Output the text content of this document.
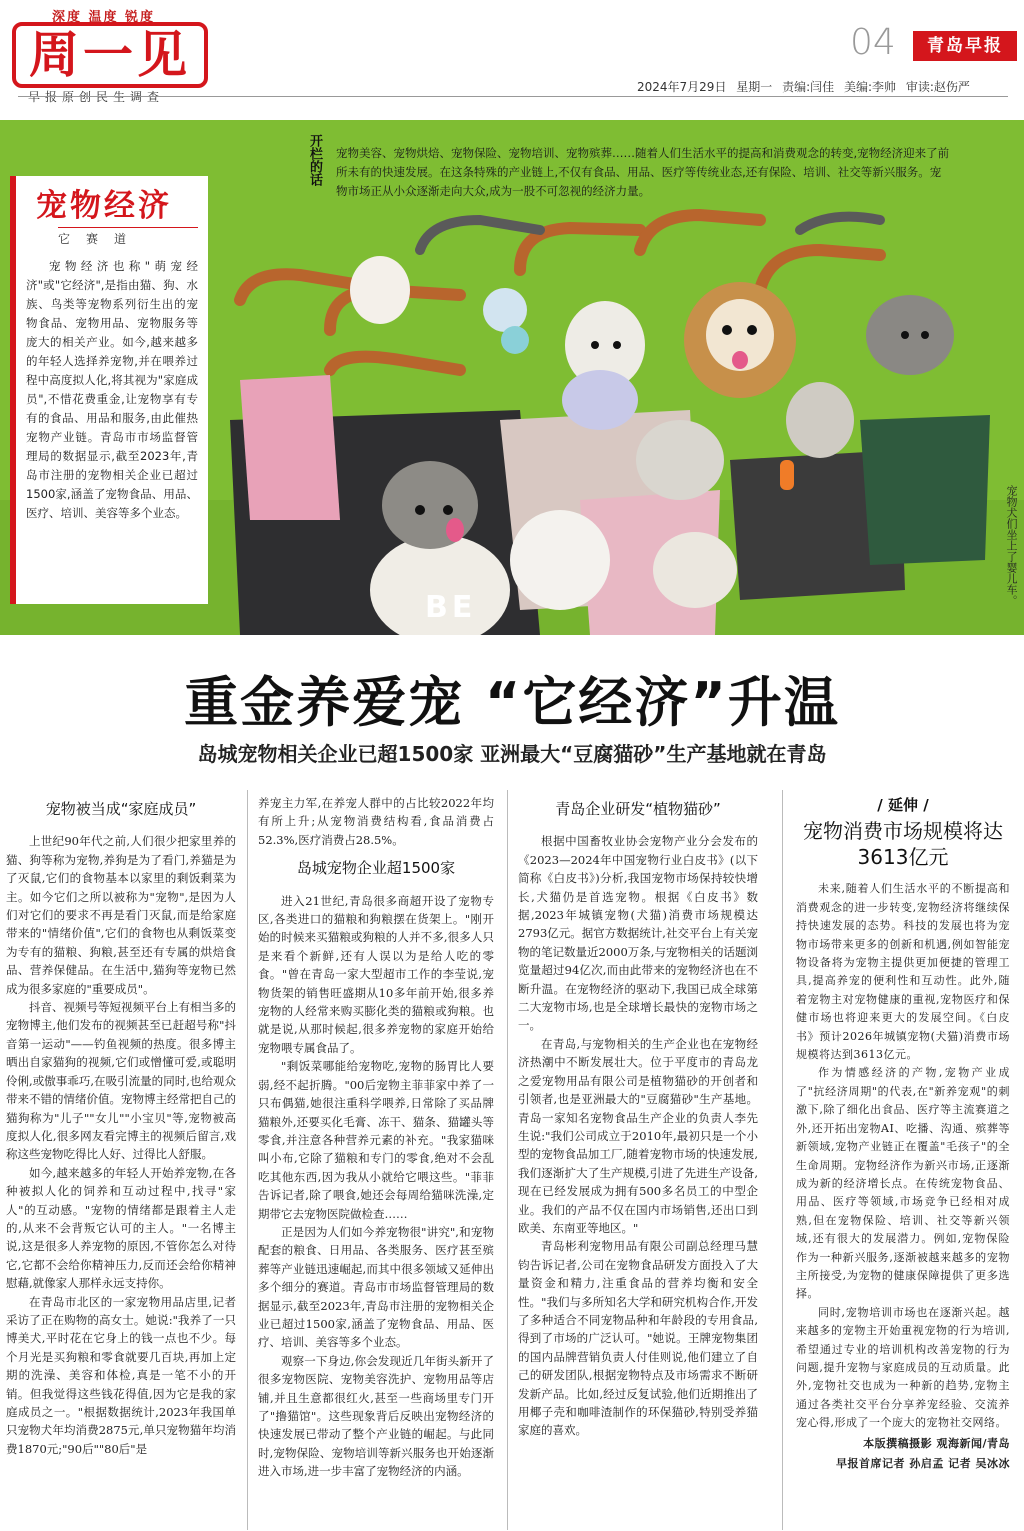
深度 温度 锐度
周一见
早报原创民生调查
04	青岛早报
2024年7月29日 星期一 责编:闫佳 美编:李帅 审读:赵伤严
BE
开栏的话 宠物美容、宠物烘焙、宠物保险、宠物培训、宠物殡葬……随着人们生活水平的提高和消费观念的转变,宠物经济迎来了前所未有的快速发展。在这条特殊的产业链上,不仅有食品、用品、医疗等传统业态,还有保险、培训、社交等新兴服务。宠物市场正从小众逐渐走向大众,成为一股不可忽视的经济力量。
宠物经济
它赛道

宠物经济也称"萌宠经济"或"它经济",是指由猫、狗、水族、鸟类等宠物系列衍生出的宠物食品、宠物用品、宠物服务等庞大的相关产业。如今,越来越多的年轻人选择养宠物,并在喂养过程中高度拟人化,将其视为"家庭成员",不惜花费重金,让宠物享有专有的食品、用品和服务,由此催热宠物产业链。青岛市市场监督管理局的数据显示,截至2023年,青岛市注册的宠物相关企业已超过1500家,涵盖了宠物食品、用品、医疗、培训、美容等多个业态。	宠物犬们坐上了婴儿车。
重金养爱宠 “它经济”升温
岛城宠物相关企业已超1500家 亚洲最大“豆腐猫砂”生产基地就在青岛
宠物被当成“家庭成员”

上世纪90年代之前,人们很少把家里养的猫、狗等称为宠物,养狗是为了看门,养猫是为了灭鼠,它们的食物基本以家里的剩饭剩菜为主。如今它们之所以被称为"宠物",是因为人们对它们的要求不再是看门灭鼠,而是给家庭带来的"情绪价值",它们的食物也从剩饭菜变为专有的猫粮、狗粮,甚至还有专属的烘焙食品、营养保健品。在生活中,猫狗等宠物已然成为很多家庭的"重要成员"。

抖音、视频号等短视频平台上有相当多的宠物博主,他们发布的视频甚至已赶超号称"抖音第一运动"——钓鱼视频的热度。很多博主晒出自家猫狗的视频,它们或憎懂可爱,或聪明伶俐,或傲事乖巧,在吸引流量的同时,也给观众带来不错的情绪价值。宠物博主经常把自己的猫狗称为"儿子""女儿""小宝贝"等,宠物被高度拟人化,很多网友看完博主的视频后留言,戏称这些宠物吃得比人好、过得比人舒服。

如今,越来越多的年轻人开始养宠物,在各种被拟人化的饲养和互动过程中,找寻"家人"的互动感。"宠物的情绪都是跟着主人走的,从来不会背叛它认可的主人。"一名博主说,这是很多人养宠物的原因,不管你怎么对待它,它都不会给你精神压力,反而还会给你精神慰藉,就像家人那样永远支持你。

在青岛市北区的一家宠物用品店里,记者采访了正在购物的高女士。她说:"我养了一只博美犬,平时花在它身上的钱一点也不少。每个月光是买狗粮和零食就要几百块,再加上定期的洗澡、美容和体检,真是一笔不小的开销。但我觉得这些钱花得值,因为它是我的家庭成员之一。"根据数据统计,2023年我国单只宠物犬年均消费2875元,单只宠物猫年均消费1870元;"90后""80后"是

养宠主力军,在养宠人群中的占比较2022年均有所上升;从宠物消费结构看,食品消费占52.3%,医疗消费占28.5%。

岛城宠物企业超1500家

进入21世纪,青岛很多商超开设了宠物专区,各类进口的猫粮和狗粮摆在货架上。"刚开始的时候来买猫粮或狗粮的人并不多,很多人只是来看个新鲜,还有人误以为是给人吃的零食。"曾在青岛一家大型超市工作的李莹说,宠物货架的销售旺盛期从10多年前开始,很多养宠物的人经常来购买膨化类的猫粮或狗粮。也就是说,从那时候起,很多养宠物的家庭开始给宠物喂专属食品了。

"剩饭菜哪能给宠物吃,宠物的肠胃比人要弱,经不起折腾。"00后宠物主菲菲家中养了一只布偶猫,她很注重科学喂养,日常除了买品牌猫粮外,还要买化毛膏、冻干、猫条、猫罐头等零食,并注意各种营养元素的补充。"我家猫咪叫小布,它除了猫粮和专门的零食,绝对不会乱吃其他东西,因为我从小就给它喂这些。"菲菲告诉记者,除了喂食,她还会每周给猫咪洗澡,定期带它去宠物医院做检查……

正是因为人们如今养宠物很"讲究",和宠物配套的粮食、日用品、各类服务、医疗甚至殡葬等产业链迅速崛起,而其中很多领域又延伸出多个细分的赛道。青岛市市场监督管理局的数据显示,截至2023年,青岛市注册的宠物相关企业已超过1500家,涵盖了宠物食品、用品、医疗、培训、美容等多个业态。

观察一下身边,你会发现近几年街头新开了很多宠物医院、宠物美容洗护、宠物用品等店铺,并且生意都很红火,甚至一些商场里专门开了"撸猫馆"。这些现象背后反映出宠物经济的快速发展已带动了整个产业链的崛起。与此同时,宠物保险、宠物培训等新兴服务也开始逐渐进入市场,进一步丰富了宠物经济的内涵。

青岛企业研发“植物猫砂”

根据中国畜牧业协会宠物产业分会发布的《2023—2024年中国宠物行业白皮书》(以下简称《白皮书》)分析,我国宠物市场保持较快增长,犬猫仍是首选宠物。根据《白皮书》数据,2023年城镇宠物(犬猫)消费市场规模达2793亿元。据官方数据统计,社交平台上有关宠物的笔记数量近2000万条,与宠物相关的话题浏览量超过94亿次,而由此带来的宠物经济也在不断升温。在宠物经济的驱动下,我国已成全球第二大宠物市场,也是全球增长最快的宠物市场之一。

在青岛,与宠物相关的生产企业也在宠物经济热潮中不断发展壮大。位于平度市的青岛龙之爱宠物用品有限公司是植物猫砂的开创者和引领者,也是亚洲最大的"豆腐猫砂"生产基地。青岛一家知名宠物食品生产企业的负责人李先生说:"我们公司成立于2010年,最初只是一个小型的宠物食品加工厂,随着宠物市场的快速发展,我们逐渐扩大了生产规模,引进了先进生产设备,现在已经发展成为拥有500多名员工的中型企业。我们的产品不仅在国内市场销售,还出口到欧美、东南亚等地区。"

青岛彬利宠物用品有限公司副总经理马慧钧告诉记者,公司在宠物食品研发方面投入了大量资金和精力,注重食品的营养均衡和安全性。"我们与多所知名大学和研究机构合作,开发了多种适合不同宠物品种和年龄段的专用食品,得到了市场的广泛认可。"她说。王牌宠物集团的国内品牌营销负责人付佳则说,他们建立了自己的研发团队,根据宠物特点及市场需求不断研发新产品。比如,经过反复试验,他们近期推出了用椰子壳和咖啡渣制作的环保猫砂,特别受养猫家庭的喜欢。

/ 延伸 /
宠物消费市场规模将达3613亿元

未来,随着人们生活水平的不断提高和消费观念的进一步转变,宠物经济将继续保持快速发展的态势。科技的发展也将为宠物市场带来更多的创新和机遇,例如智能宠物设备将为宠物主提供更加便捷的管理工具,提高养宠的便利性和互动性。此外,随着宠物主对宠物健康的重视,宠物医疗和保健市场也将迎来更大的发展空间。《白皮书》预计2026年城镇宠物(犬猫)消费市场规模将达到3613亿元。

作为情感经济的产物,宠物产业成了"抗经济周期"的代表,在"新养宠观"的刺激下,除了细化出食品、医疗等主流赛道之外,还开拓出宠物AI、吃播、沟通、殡葬等新领域,宠物产业链正在覆盖"毛孩子"的全生命周期。宠物经济作为新兴市场,正逐渐成为新的经济增长点。在传统宠物食品、用品、医疗等领域,市场竞争已经相对成熟,但在宠物保险、培训、社交等新兴领域,还有很大的发展潜力。例如,宠物保险作为一种新兴服务,逐渐被越来越多的宠物主所接受,为宠物的健康保障提供了更多选择。

同时,宠物培训市场也在逐渐兴起。越来越多的宠物主开始重视宠物的行为培训,希望通过专业的培训机构改善宠物的行为问题,提升宠物与家庭成员的互动质量。此外,宠物社交也成为一种新的趋势,宠物主通过各类社交平台分享养宠经验、交流养宠心得,形成了一个庞大的宠物社交网络。

本版撰稿摄影 观海新闻/青岛

早报首席记者 孙启孟 记者 吴冰冰
